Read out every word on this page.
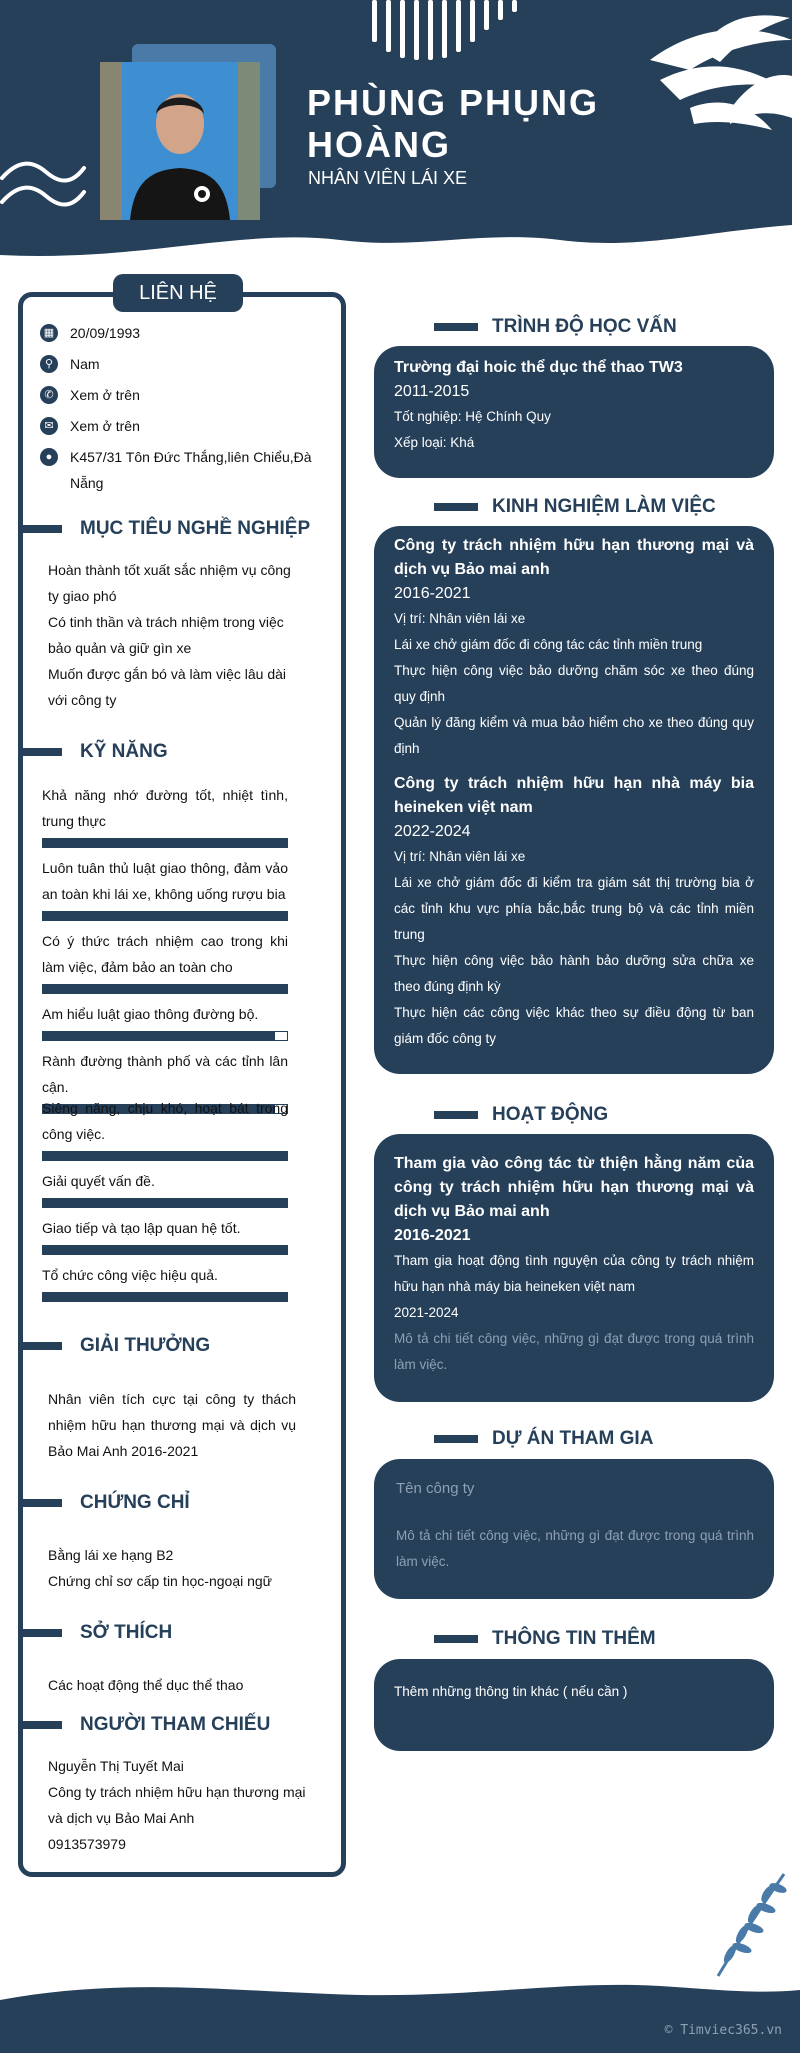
PHÙNG PHỤNG
HOÀNG
NHÂN VIÊN LÁI XE
LIÊN HỆ
▦ 20/09/1993
⚲	Nam
✆	Xem ở trên
✉	Xem ở trên
●	K457/31 Tôn Đức Thắng,liên Chiểu,Đà Nẵng
MỤC TIÊU NGHỀ NGHIỆP
Hoàn thành tốt xuất sắc nhiệm vụ công ty giao phó
Có tinh thần và trách nhiệm trong việc bảo quản và giữ gìn xe
Muốn được gắn bó và làm việc lâu dài với công ty
KỸ NĂNG
Khả năng nhớ đường tốt, nhiệt tình, trung thực
Luôn tuân thủ luật giao thông, đảm vảo an toàn khi lái xe, không uống rượu bia
Có ý thức trách nhiệm cao trong khi làm việc, đảm bảo an toàn cho
Am hiểu luật giao thông đường bộ.
Rành đường thành phố và các tỉnh lân cận.
Siêng năng, chịu khó, hoạt bát trong công việc.
Giải quyết vấn đề.
Giao tiếp và tạo lập quan hệ tốt.
Tổ chức công việc hiệu quả.
GIẢI THƯỞNG
Nhân viên tích cực tại công ty thách nhiệm hữu hạn thương mại và dịch vụ Bảo Mai Anh 2016-2021
CHỨNG CHỈ
Bằng lái xe hạng B2
Chứng chỉ sơ cấp tin học-ngoại ngữ
SỞ THÍCH
Các hoạt động thể dục thể thao
NGƯỜI THAM CHIẾU
Nguyễn Thị Tuyết Mai
Công ty trách nhiệm hữu hạn thương mại và dịch vụ Bảo Mai Anh
0913573979
TRÌNH ĐỘ HỌC VẤN
Trường đại hoic thể dục thể thao TW3
2011-2015
Tốt nghiệp: Hệ Chính Quy
Xếp loại: Khá
KINH NGHIỆM LÀM VIỆC
Công ty trách nhiệm hữu hạn thương mại và dịch vụ Bảo mai anh
2016-2021
Vị trí: Nhân viên lái xe
Lái xe chở giám đốc đi công tác các tỉnh miền trung
Thực hiện công việc bảo dưỡng chăm sóc xe theo đúng quy định
Quản lý đăng kiểm và mua bảo hiểm cho xe theo đúng quy định
Công ty trách nhiệm hữu hạn nhà máy bia heineken việt nam
2022-2024
Vị trí: Nhân viên lái xe
Lái xe chở giám đốc đi kiểm tra giám sát thị trường bia ở các tỉnh khu vực phía bắc,bắc trung bộ và các tỉnh miền trung
Thực hiện công việc bảo hành bảo dưỡng sửa chữa xe theo đúng định kỳ
Thực hiện các công việc khác theo sự điều động từ ban giám đốc công ty
HOẠT ĐỘNG
Tham gia vào công tác từ thiện hằng năm của công ty trách nhiệm hữu hạn thương mại và dịch vụ Bảo mai anh
2016-2021
Tham gia hoạt động tình nguyện của công ty trách nhiệm hữu hạn nhà máy bia heineken việt nam
2021-2024
Mô tả chi tiết công việc, những gì đạt được trong quá trình làm việc.
DỰ ÁN THAM GIA
Tên công ty
Mô tả chi tiết công việc, những gì đạt được trong quá trình làm việc.
THÔNG TIN THÊM
Thêm những thông tin khác ( nếu cần )
© Timviec365.vn
